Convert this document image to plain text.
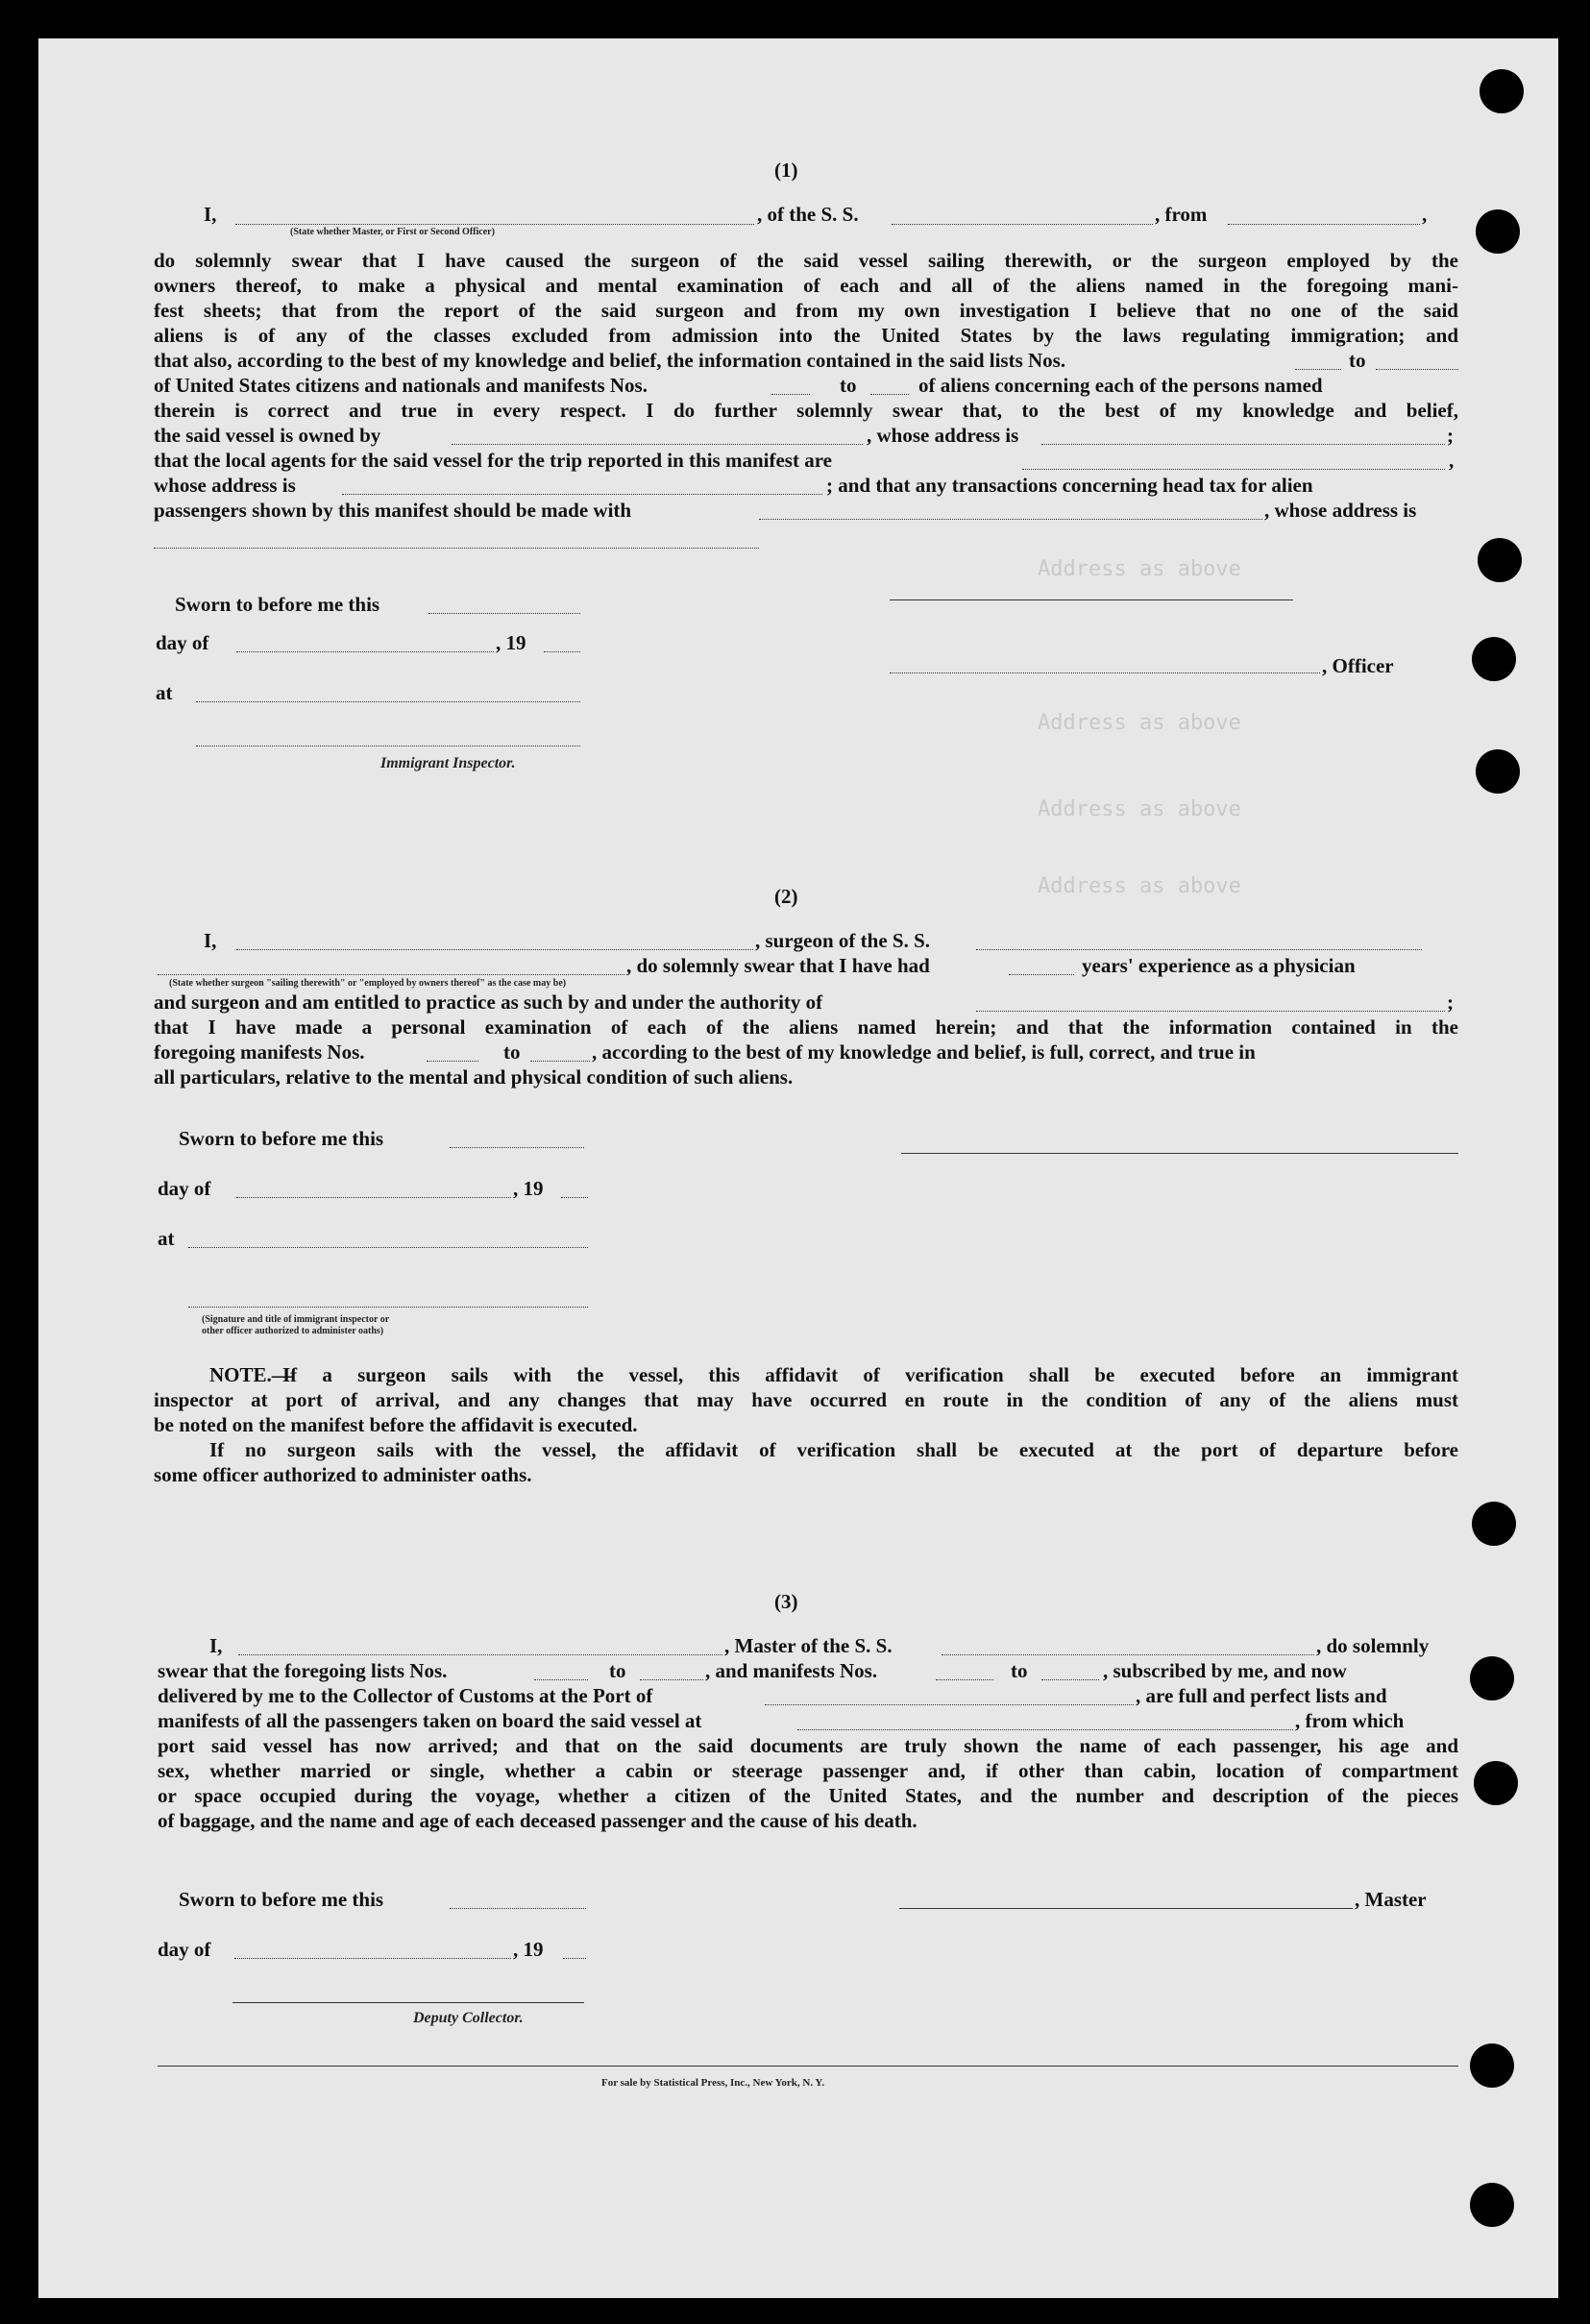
Address as above
Address as above
Address as above
Address as above
(1)
I,	, of the S. S.	, from	,
(State whether Master, or First or Second Officer)
do solemnly swear that I have caused the surgeon of the said vessel sailing therewith, or the surgeon employed by the
owners thereof, to make a physical and mental examination of each and all of the aliens named in the foregoing mani-
fest sheets; that from the report of the said surgeon and from my own investigation I believe that no one of the said
aliens is of any of the classes excluded from admission into the United States by the laws regulating immigration; and
that also, according to the best of my knowledge and belief, the information contained in the said lists Nos.	to
of United States citizens and nationals and manifests Nos.	to	of aliens concerning each of the persons named
therein is correct and true in every respect. I do further solemnly swear that, to the best of my knowledge and belief,
the said vessel is owned by	, whose address is	;
that the local agents for the said vessel for the trip reported in this manifest are	,
whose address is	; and that any transactions concerning head tax for alien
passengers shown by this manifest should be made with	, whose address is
Sworn to before me this
day of	, 19
, Officer
at
Immigrant Inspector.
(2)
I,	, surgeon of the S. S.
, do solemnly swear that I have had	years' experience as a physician
(State whether surgeon "sailing therewith" or "employed by owners thereof" as the case may be)
and surgeon and am entitled to practice as such by and under the authority of	;
that I have made a personal examination of each of the aliens named herein; and that the information contained in the
foregoing manifests Nos.	to	, according to the best of my knowledge and belief, is full, correct, and true in
all particulars, relative to the mental and physical condition of such aliens.
Sworn to before me this
day of	, 19
at
(Signature and title of immigrant inspector or
other officer authorized to administer oaths)
NOTE.—
If a surgeon sails with the vessel, this affidavit of verification shall be executed before an immigrant
inspector at port of arrival, and any changes that may have occurred en route in the condition of any of the aliens must
be noted on the manifest before the affidavit is executed.
If no surgeon sails with the vessel, the affidavit of verification shall be executed at the port of departure before
some officer authorized to administer oaths.
(3)
I,	, Master of the S. S.	, do solemnly
swear that the foregoing lists Nos.	to	, and manifests Nos.	to	, subscribed by me, and now
delivered by me to the Collector of Customs at the Port of	, are full and perfect lists and
manifests of all the passengers taken on board the said vessel at	, from which
port said vessel has now arrived; and that on the said documents are truly shown the name of each passenger, his age and
sex, whether married or single, whether a cabin or steerage passenger and, if other than cabin, location of compartment
or space occupied during the voyage, whether a citizen of the United States, and the number and description of the pieces
of baggage, and the name and age of each deceased passenger and the cause of his death.
Sworn to before me this	, Master
day of	, 19
Deputy Collector.
For sale by Statistical Press, Inc., New York, N. Y.
